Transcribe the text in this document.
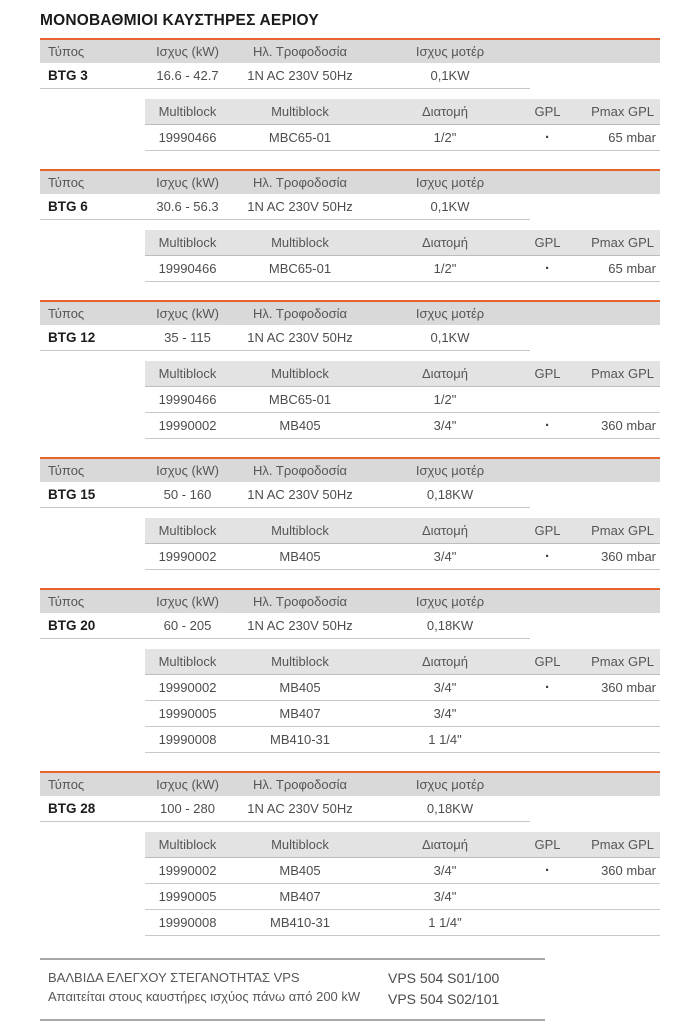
ΜΟΝΟΒΑΘΜΙΟΙ ΚΑΥΣΤΗΡΕΣ ΑΕΡΙΟΥ
Τύπος	Ισχυς (kW)	Ηλ. Τροφοδοσία	Ισχυς μοτέρ
BTG 3	16.6 - 42.7	1N AC 230V 50Hz	0,1KW
Multiblock	Multiblock	Διατομή	GPL	Pmax GPL
19990466	MBC65-01	1/2"	·	65 mbar
Τύπος	Ισχυς (kW)	Ηλ. Τροφοδοσία	Ισχυς μοτέρ
BTG 6	30.6 - 56.3	1N AC 230V 50Hz	0,1KW
Multiblock	Multiblock	Διατομή	GPL	Pmax GPL
19990466	MBC65-01	1/2"	·	65 mbar
Τύπος	Ισχυς (kW)	Ηλ. Τροφοδοσία	Ισχυς μοτέρ
BTG 12	35 - 115	1N AC 230V 50Hz	0,1KW
Multiblock	Multiblock	Διατομή	GPL	Pmax GPL
19990466	MBC65-01	1/2"
19990002	MB405	3/4"	·	360 mbar
Τύπος	Ισχυς (kW)	Ηλ. Τροφοδοσία	Ισχυς μοτέρ
BTG 15	50 - 160	1N AC 230V 50Hz	0,18KW
Multiblock	Multiblock	Διατομή	GPL	Pmax GPL
19990002	MB405	3/4"	·	360 mbar
Τύπος	Ισχυς (kW)	Ηλ. Τροφοδοσία	Ισχυς μοτέρ
BTG 20	60 - 205	1N AC 230V 50Hz	0,18KW
Multiblock	Multiblock	Διατομή	GPL	Pmax GPL
19990002	MB405	3/4"	·	360 mbar
19990005	MB407	3/4"
19990008	MB410-31	1 1/4"
Τύπος	Ισχυς (kW)	Ηλ. Τροφοδοσία	Ισχυς μοτέρ
BTG 28	100 - 280	1N AC 230V 50Hz	0,18KW
Multiblock	Multiblock	Διατομή	GPL	Pmax GPL
19990002	MB405	3/4"	·	360 mbar
19990005	MB407	3/4"
19990008	MB410-31	1 1/4"
ΒΑΛΒΙΔΑ ΕΛΕΓΧΟΥ ΣΤΕΓΑΝΟΤΗΤΑΣ VPS
Απαιτείται στους καυστήρες ισχύος πάνω από 200 kW
VPS 504 S01/100
VPS 504 S02/101
